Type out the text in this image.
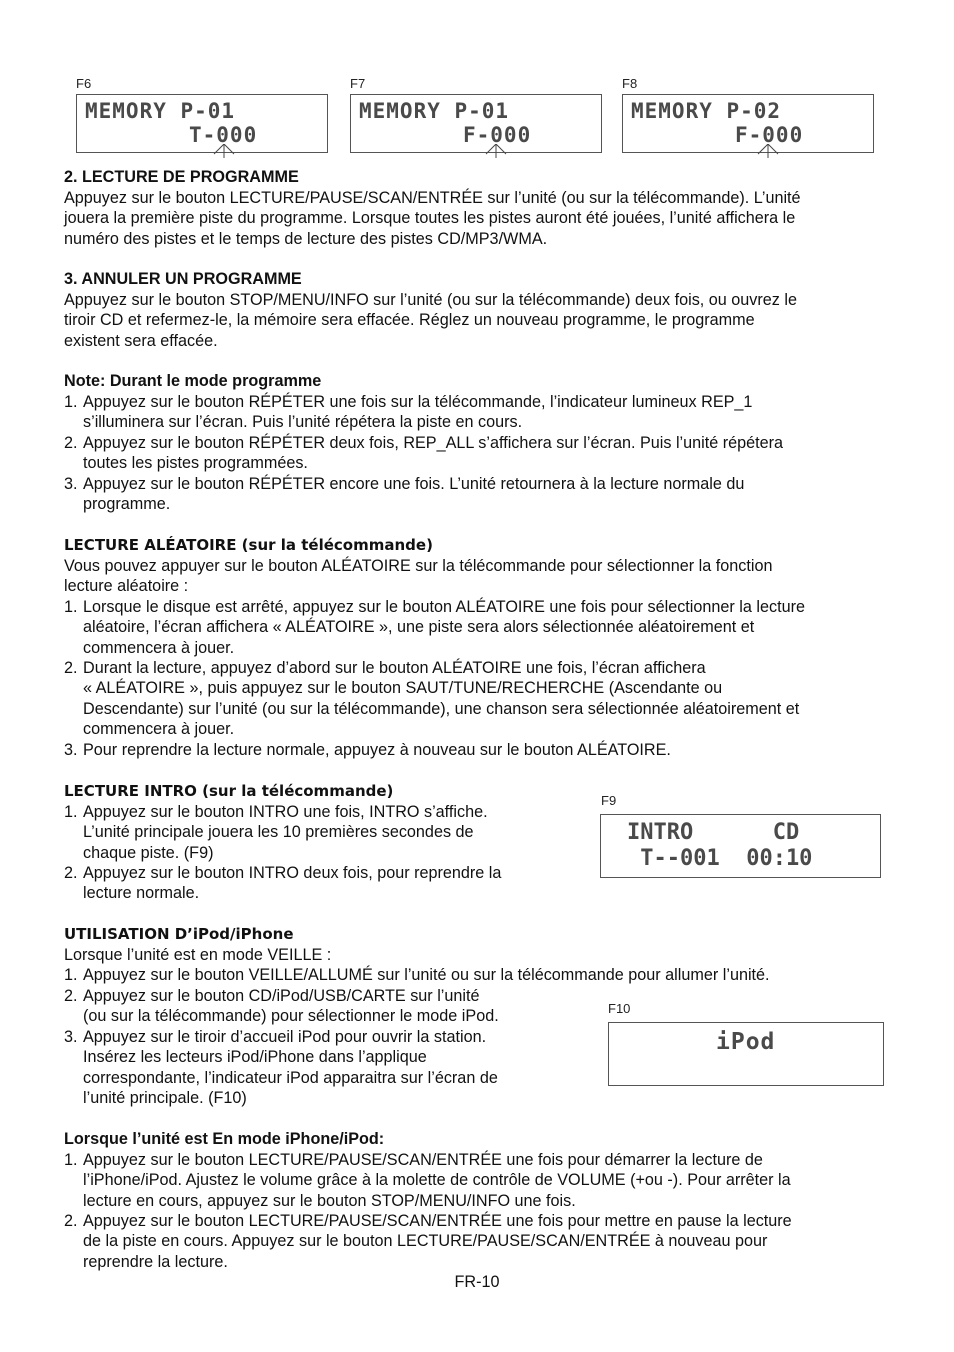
F6
MEMORY P-01
T-000
F7
MEMORY P-01
F-000
F8
MEMORY P-02
F-000
2. LECTURE DE PROGRAMME
Appuyez sur le bouton LECTURE/PAUSE/SCAN/ENTRÉE sur l’unité (ou sur la télécommande). L’unité
jouera la première piste du programme. Lorsque toutes les pistes auront été jouées, l’unité affichera le
numéro des pistes et le temps de lecture des pistes CD/MP3/WMA.
3. ANNULER UN PROGRAMME
Appuyez sur le bouton STOP/MENU/INFO sur l’unité (ou sur la télécommande) deux fois, ou ouvrez le
tiroir CD et refermez-le, la mémoire sera effacée. Réglez un nouveau programme, le programme
existent sera effacée.
Note: Durant le mode programme
1. Appuyez sur le bouton RÉPÉTER une fois sur la télécommande, l’indicateur lumineux REP_1
s’illuminera sur l’écran. Puis l’unité répétera la piste en cours.
2. Appuyez sur le bouton RÉPÉTER deux fois, REP_ALL s’affichera sur l’écran. Puis l’unité répétera
toutes les pistes programmées.
3. Appuyez sur le bouton RÉPÉTER encore une fois. L’unité retournera à la lecture normale du
programme.
LECTURE ALÉATOIRE (sur la télécommande)
Vous pouvez appuyer sur le bouton ALÉATOIRE sur la télécommande pour sélectionner la fonction
lecture aléatoire :
1. Lorsque le disque est arrêté, appuyez sur le bouton ALÉATOIRE une fois pour sélectionner la lecture
aléatoire, l’écran affichera « ALÉATOIRE », une piste sera alors sélectionnée aléatoirement et
commencera à jouer.
2. Durant la lecture, appuyez d’abord sur le bouton ALÉATOIRE une fois, l’écran affichera
« ALÉATOIRE », puis appuyez sur le bouton SAUT/TUNE/RECHERCHE (Ascendante ou
Descendante) sur l’unité (ou sur la télécommande), une chanson sera sélectionnée aléatoirement et
commencera à jouer.
3. Pour reprendre la lecture normale, appuyez à nouveau sur le bouton ALÉATOIRE.
LECTURE INTRO (sur la télécommande)
1. Appuyez sur le bouton INTRO une fois, INTRO s’affiche.
L’unité principale jouera les 10 premières secondes de
chaque piste. (F9)
2. Appuyez sur le bouton INTRO deux fois, pour reprendre la
lecture normale.
F9
INTRO      CD
T--001  00:10
UTILISATION D’iPod/iPhone
Lorsque l’unité est en mode VEILLE :
1. Appuyez sur le bouton VEILLE/ALLUMÉ sur l’unité ou sur la télécommande pour allumer l’unité.
2. Appuyez sur le bouton CD/iPod/USB/CARTE sur l’unité
(ou sur la télécommande) pour sélectionner le mode iPod.
3. Appuyez sur le tiroir d’accueil iPod pour ouvrir la station.
Insérez les lecteurs iPod/iPhone dans l’applique
correspondante, l’indicateur iPod apparaitra sur l’écran de
l’unité principale. (F10)
F10
iPod
Lorsque l’unité est En mode iPhone/iPod:
1. Appuyez sur le bouton LECTURE/PAUSE/SCAN/ENTRÉE une fois pour démarrer la lecture de
l’iPhone/iPod. Ajustez le volume grâce à la molette de contrôle de VOLUME (+ou -). Pour arrêter la
lecture en cours, appuyez sur le bouton STOP/MENU/INFO une fois.
2. Appuyez sur le bouton LECTURE/PAUSE/SCAN/ENTRÉE une fois pour mettre en pause la lecture
de la piste en cours. Appuyez sur le bouton LECTURE/PAUSE/SCAN/ENTRÉE à nouveau pour
reprendre la lecture.
FR-10
